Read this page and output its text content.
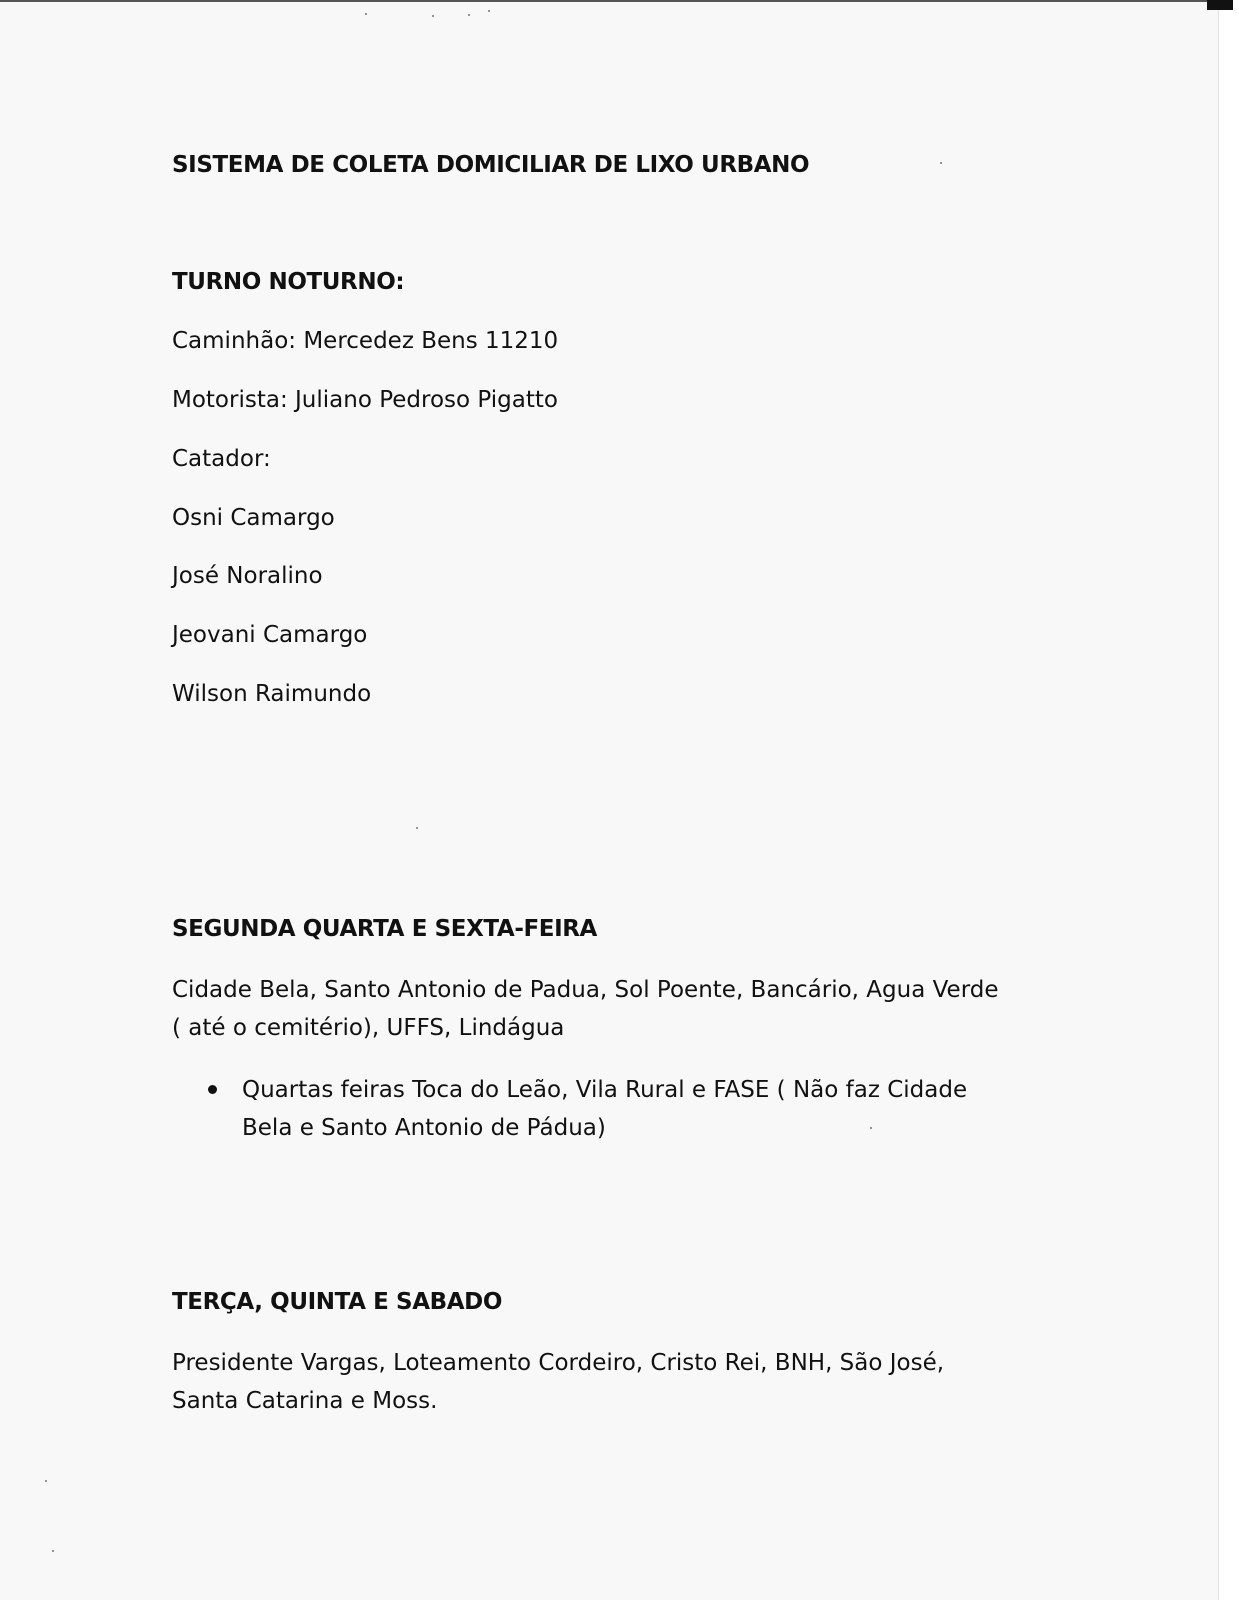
SISTEMA DE COLETA DOMICILIAR DE LIXO URBANO
TURNO NOTURNO:

Caminhão: Mercedez Bens 11210

Motorista: Juliano Pedroso Pigatto

Catador:

Osni Camargo

José Noralino

Jeovani Camargo

Wilson Raimundo

SEGUNDA QUARTA E SEXTA-FEIRA

Cidade Bela, Santo Antonio de Padua, Sol Poente, Bancário, Agua Verde ( até o cemitério), UFFS, Lindágua

Quartas feiras Toca do Leão, Vila Rural e FASE ( Não faz Cidade Bela e Santo Antonio de Pádua)
TERÇA, QUINTA E SABADO

Presidente Vargas, Loteamento Cordeiro, Cristo Rei, BNH, São José, Santa Catarina e Moss.
